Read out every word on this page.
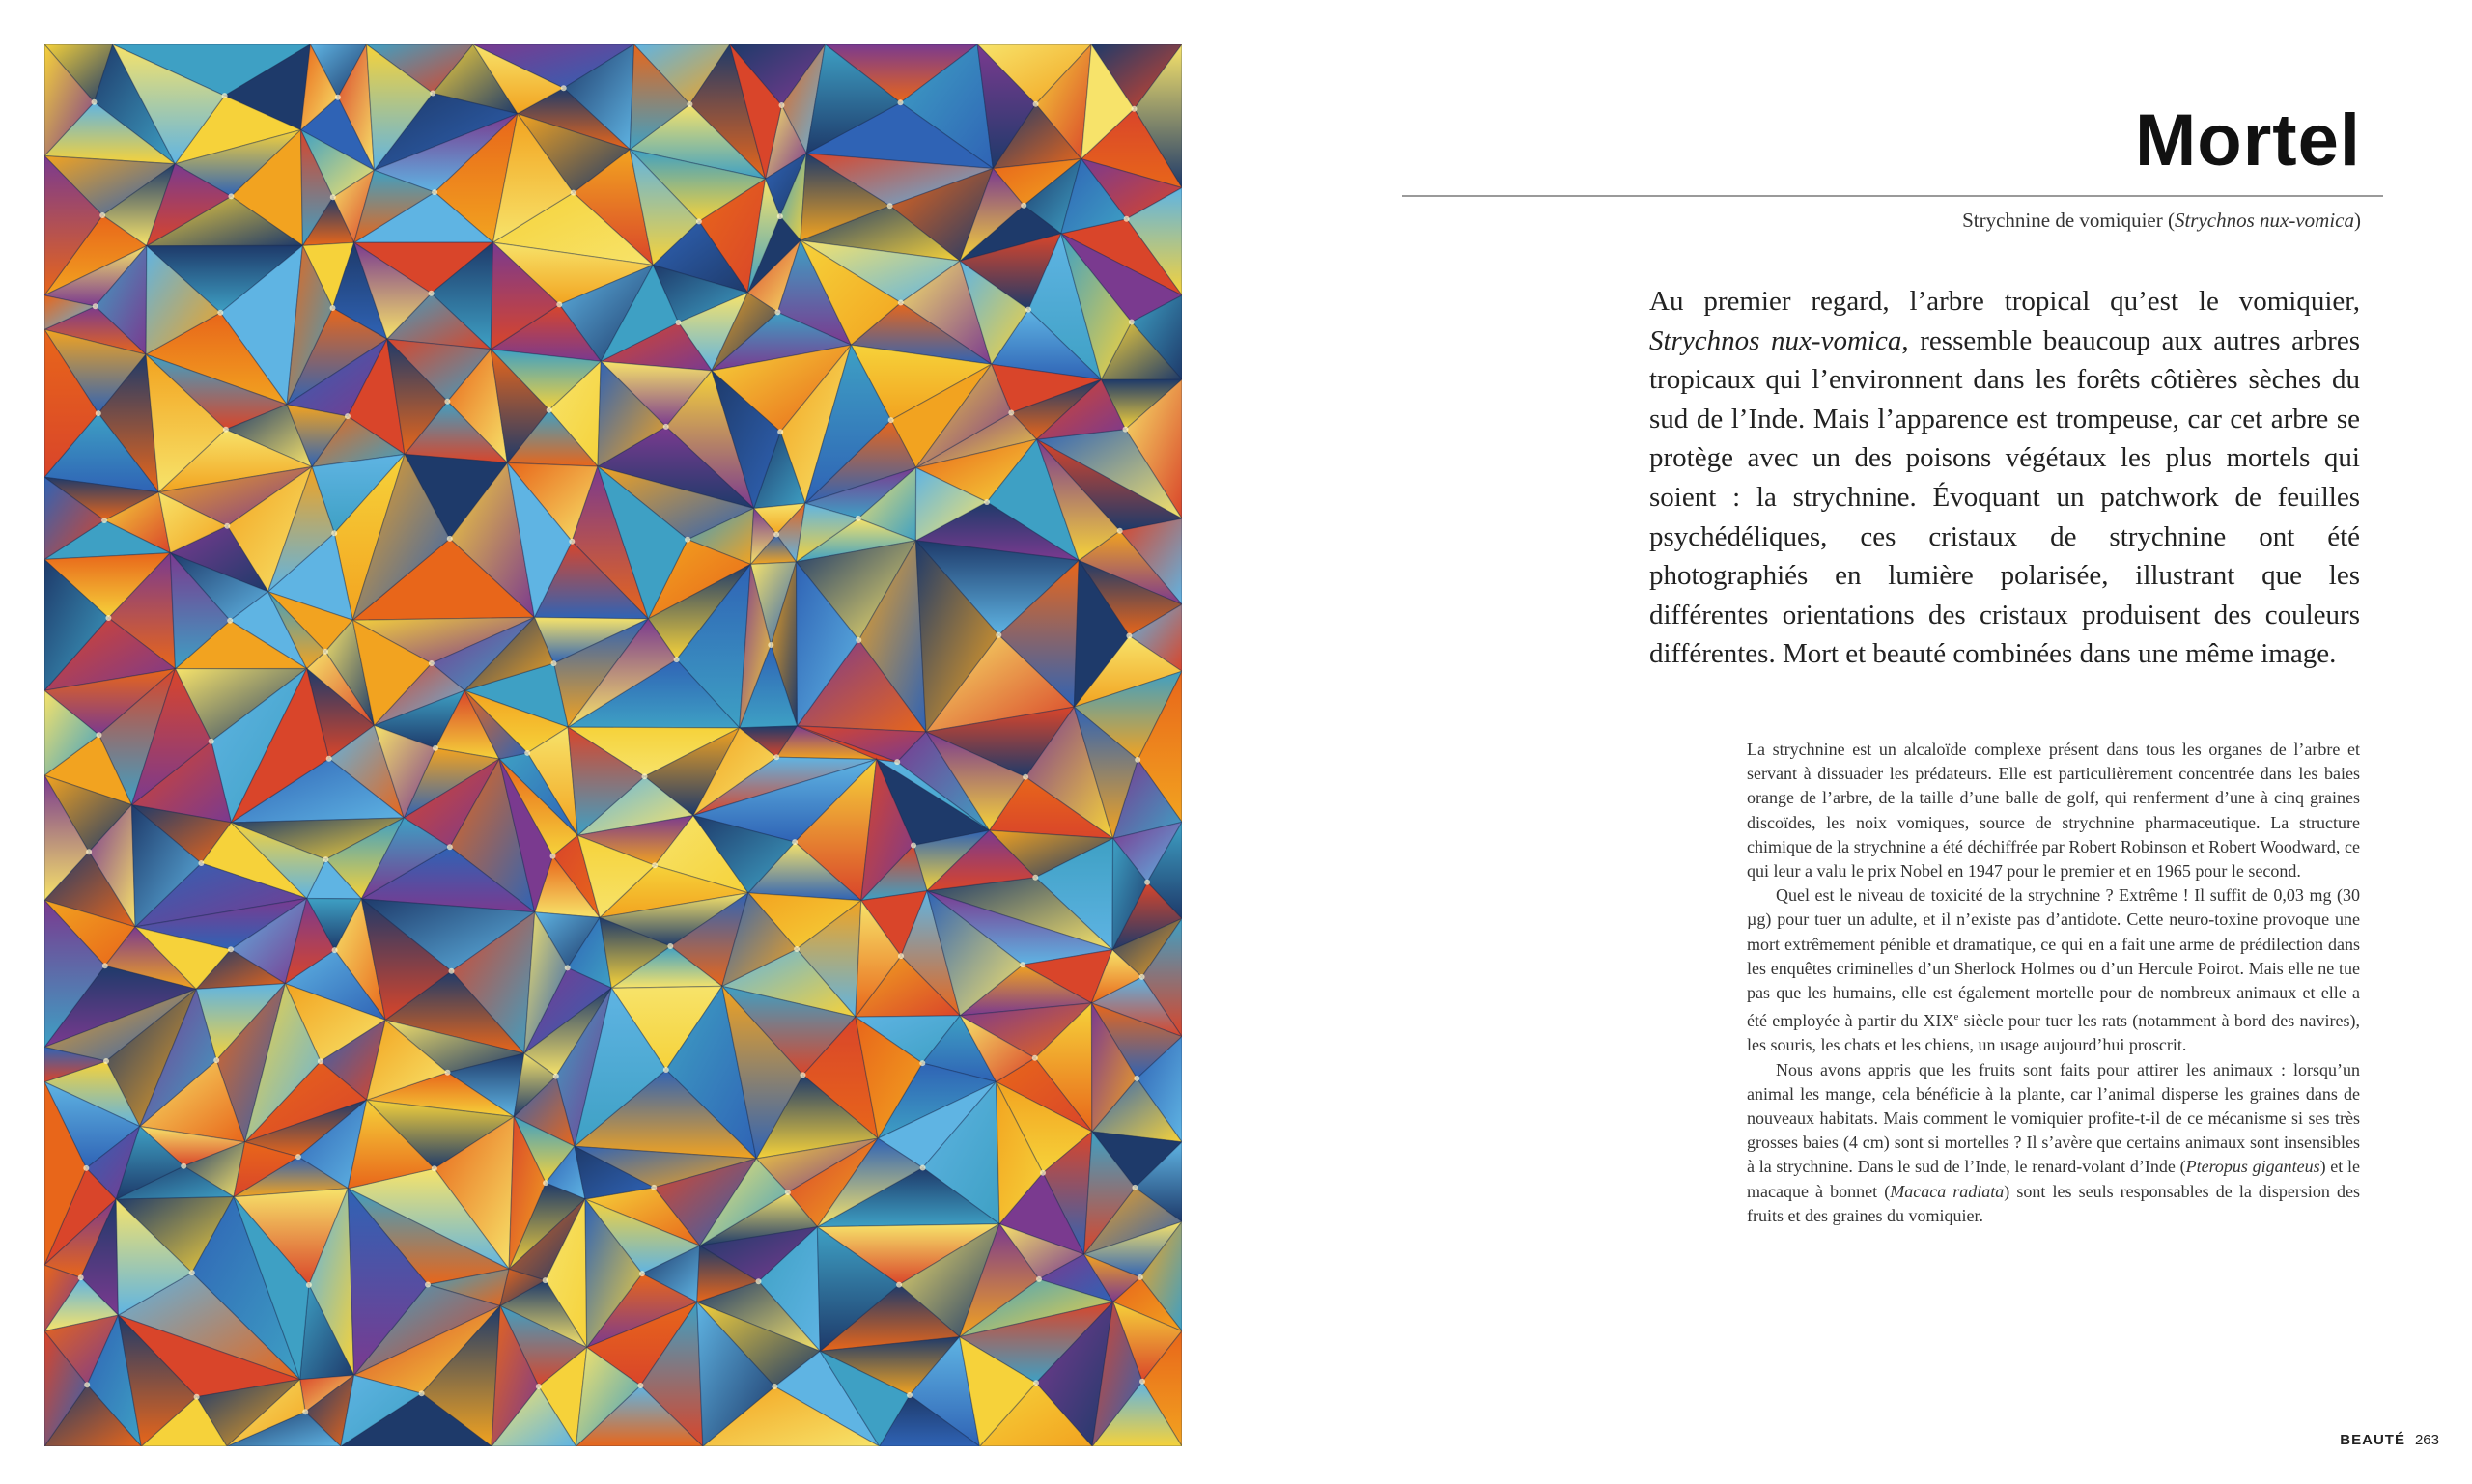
Mortel
Strychnine de vomiquier (Strychnos nux-vomica)

Au premier regard, l’arbre tropical qu’est le vomiquier, Strychnos nux-vomica, ressemble beaucoup aux autres arbres tropicaux qui l’environnent dans les forêts côtières sèches du sud de l’Inde. Mais l’apparence est trompeuse, car cet arbre se protège avec un des poisons végétaux les plus mortels qui soient : la strychnine. Évoquant un patchwork de feuilles psychédéliques, ces cristaux de strychnine ont été photographiés en lumière polarisée, illustrant que les différentes orientations des cristaux produisent des couleurs différentes. Mort et beauté combinées dans une même image.

La strychnine est un alcaloïde complexe présent dans tous les organes de l’arbre et servant à dissuader les prédateurs. Elle est particulièrement concentrée dans les baies orange de l’arbre, de la taille d’une balle de golf, qui renferment d’une à cinq graines discoïdes, les noix vomiques, source de strychnine pharmaceutique. La structure chimique de la strychnine a été déchiffrée par Robert Robinson et Robert Woodward, ce qui leur a valu le prix Nobel en 1947 pour le premier et en 1965 pour le second.

Quel est le niveau de toxicité de la strychnine ? Extrême ! Il suffit de 0,03 mg (30 µg) pour tuer un adulte, et il n’existe pas d’antidote. Cette neuro-toxine provoque une mort extrêmement pénible et dramatique, ce qui en a fait une arme de prédilection dans les enquêtes criminelles d’un Sherlock Holmes ou d’un Hercule Poirot. Mais elle ne tue pas que les humains, elle est également mortelle pour de nombreux animaux et elle a été employée à partir du XIXe siècle pour tuer les rats (notamment à bord des navires), les souris, les chats et les chiens, un usage aujourd’hui proscrit.

Nous avons appris que les fruits sont faits pour attirer les animaux : lorsqu’un animal les mange, cela bénéficie à la plante, car l’animal disperse les graines dans de nouveaux habitats. Mais comment le vomiquier profite-t-il de ce mécanisme si ses très grosses baies (4 cm) sont si mortelles ? Il s’avère que certains animaux sont insensibles à la strychnine. Dans le sud de l’Inde, le renard-volant d’Inde (Pteropus giganteus) et le macaque à bonnet (Macaca radiata) sont les seuls responsables de la dispersion des fruits et des graines du vomiquier.

BEAUTÉ 263
